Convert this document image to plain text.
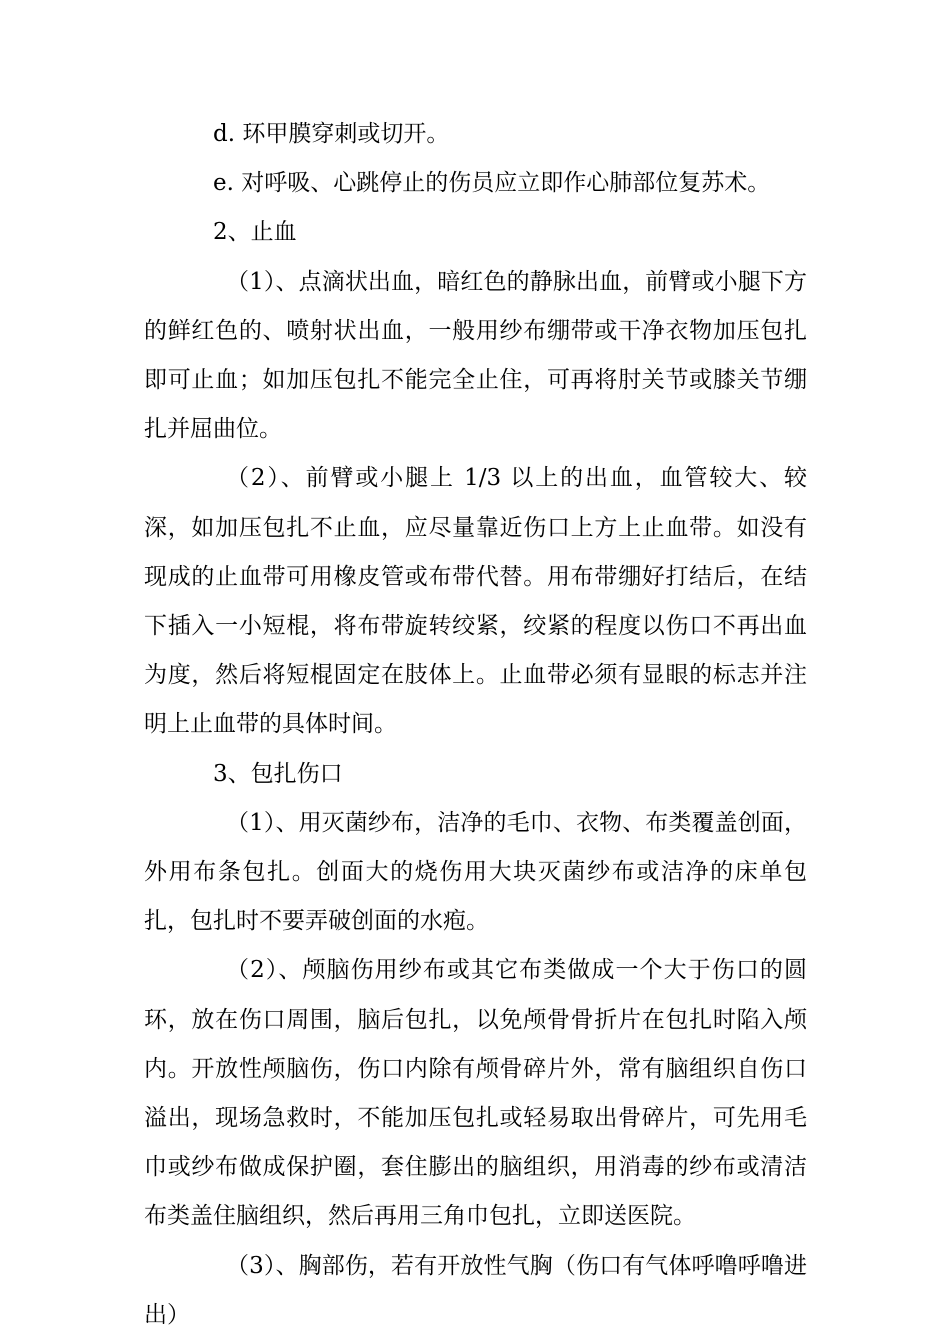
d. 环甲膜穿刺或切开。

e. 对呼吸、心跳停止的伤员应立即作心肺部位复苏术。

2、止血

（1）、点滴状出血，暗红色的静脉出血，前臂或小腿下方的鲜红色的、喷射状出血，一般用纱布绷带或干净衣物加压包扎即可止血；如加压包扎不能完全止住，可再将肘关节或膝关节绷扎并屈曲位。

（2）、前臂或小腿上 1/3 以上的出血，血管较大、较深，如加压包扎不止血，应尽量靠近伤口上方上止血带。如没有现成的止血带可用橡皮管或布带代替。用布带绷好打结后，在结下插入一小短棍，将布带旋转绞紧，绞紧的程度以伤口不再出血为度，然后将短棍固定在肢体上。止血带必须有显眼的标志并注明上止血带的具体时间。

3、包扎伤口

（1）、用灭菌纱布，洁净的毛巾、衣物、布类覆盖创面，外用布条包扎。创面大的烧伤用大块灭菌纱布或洁净的床单包扎，包扎时不要弄破创面的水疱。

（2）、颅脑伤用纱布或其它布类做成一个大于伤口的圆环，放在伤口周围，脑后包扎，以免颅骨骨折片在包扎时陷入颅内。开放性颅脑伤，伤口内除有颅骨碎片外，常有脑组织自伤口溢出，现场急救时，不能加压包扎或轻易取出骨碎片，可先用毛巾或纱布做成保护圈，套住膨出的脑组织，用消毒的纱布或清洁布类盖住脑组织，然后再用三角巾包扎，立即送医院。

（3）、胸部伤，若有开放性气胸（伤口有气体呼噜呼噜进出）
